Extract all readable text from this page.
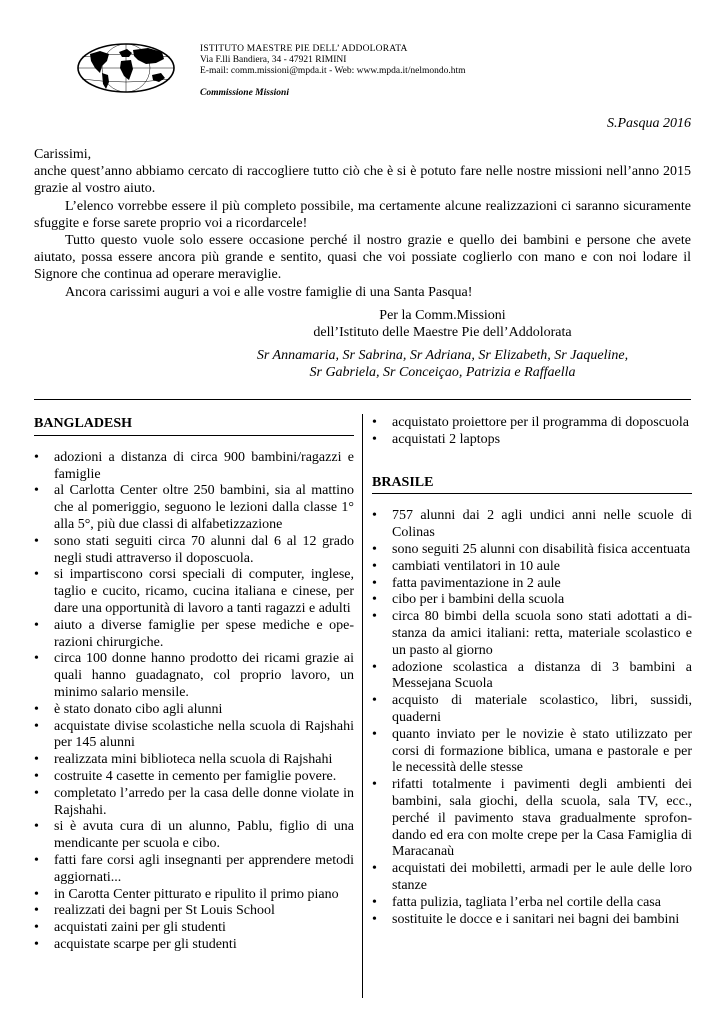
ISTITUTO MAESTRE PIE DELL’ ADDOLORATA
Via F.lli Bandiera, 34 - 47921 RIMINI
E-mail: comm.missioni@mpda.it - Web: www.mpda.it/nelmondo.htm
Commissione Missioni
S.Pasqua 2016

Carissimi,

anche quest’anno abbiamo cercato di raccogliere tutto ciò che è si è potuto fare nelle nostre missioni nell’anno 2015 grazie al vostro aiuto.

L’elenco vorrebbe essere il più completo possibile, ma certamente alcune realizzazioni ci saranno sicuramente sfuggite e forse sarete proprio voi a ricordarcele!

Tutto questo vuole solo essere occasione perché il nostro grazie e quello dei bambini e persone che avete aiutato, possa essere ancora più grande e sentito, quasi che voi possiate coglierlo con mano e con noi lodare il Signore che continua ad operare meraviglie.

Ancora carissimi auguri a voi e alle vostre famiglie di una Santa Pasqua!

Per la Comm.Missioni
dell’Istituto delle Maestre Pie dell’Addolorata
Sr Annamaria, Sr Sabrina, Sr Adriana, Sr Elizabeth, Sr Jaqueline,
Sr Gabriela, Sr Conceiçao, Patrizia e Raffaella
BANGLADESH
• adozioni a distanza di circa 900 bambini/ragazzi e famiglie
• al Carlotta Center oltre 250 bambini, sia al mattino che al pomeriggio, seguono le lezioni dalla classe 1° alla 5°, più due classi di alfabetizzazione
• sono stati seguiti circa 70 alunni dal 6 al 12 grado negli studi attraverso il doposcuola.
• si impartiscono corsi speciali di computer, inglese, taglio e cucito, ricamo, cucina italiana e cinese, per dare una opportunità di lavoro a tanti ragazzi e adulti
• aiuto a diverse famiglie per spese mediche e operazioni chirurgiche.
• circa 100 donne hanno prodotto dei ricami grazie ai quali hanno guadagnato, col proprio lavoro, un minimo salario mensile.
• è stato donato cibo agli alunni
• acquistate divise scolastiche nella scuola di Rajshahi per 145 alunni
• realizzata mini biblioteca nella scuola di Rajshahi
• costruite 4 casette in cemento per famiglie povere.
• completato l’arredo per la casa delle donne violate in Rajshahi.
• si è avuta cura di un alunno, Pablu, figlio di una mendicante per scuola e cibo.
• fatti fare corsi agli insegnanti per apprendere metodi aggiornati...
• in Carotta Center pitturato e ripulito il primo piano
• realizzati dei bagni per St Louis School
• acquistati zaini per gli studenti
• acquistate scarpe per gli studenti
• acquistato proiettore per il programma di doposcuola
• acquistati 2 laptops
BRASILE
• 757 alunni dai 2 agli undici anni nelle scuole di Colinas
• sono seguiti 25 alunni con disabilità fisica accentuata
• cambiati ventilatori in 10 aule
• fatta pavimentazione in 2 aule
• cibo per i bambini della scuola
• circa 80 bimbi della scuola sono stati adottati a distanza da amici italiani: retta, materiale scolastico e un pasto al giorno
• adozione scolastica a distanza di 3 bambini a Messejana Scuola
• acquisto di materiale scolastico, libri, sussidi, quaderni
• quanto inviato per le novizie è stato utilizzato per corsi di formazione biblica, umana e pastorale e per le necessità delle stesse
• rifatti totalmente i pavimenti degli ambienti dei bambini, sala giochi, della scuola, sala TV, ecc., perché il pavimento stava gradualmente sprofondando ed era con molte crepe per la Casa Famiglia di Maracanaù
• acquistati dei mobiletti, armadi per le aule delle loro stanze
• fatta pulizia, tagliata l’erba nel cortile della casa
• sostituite le docce e i sanitari nei bagni dei bambini
